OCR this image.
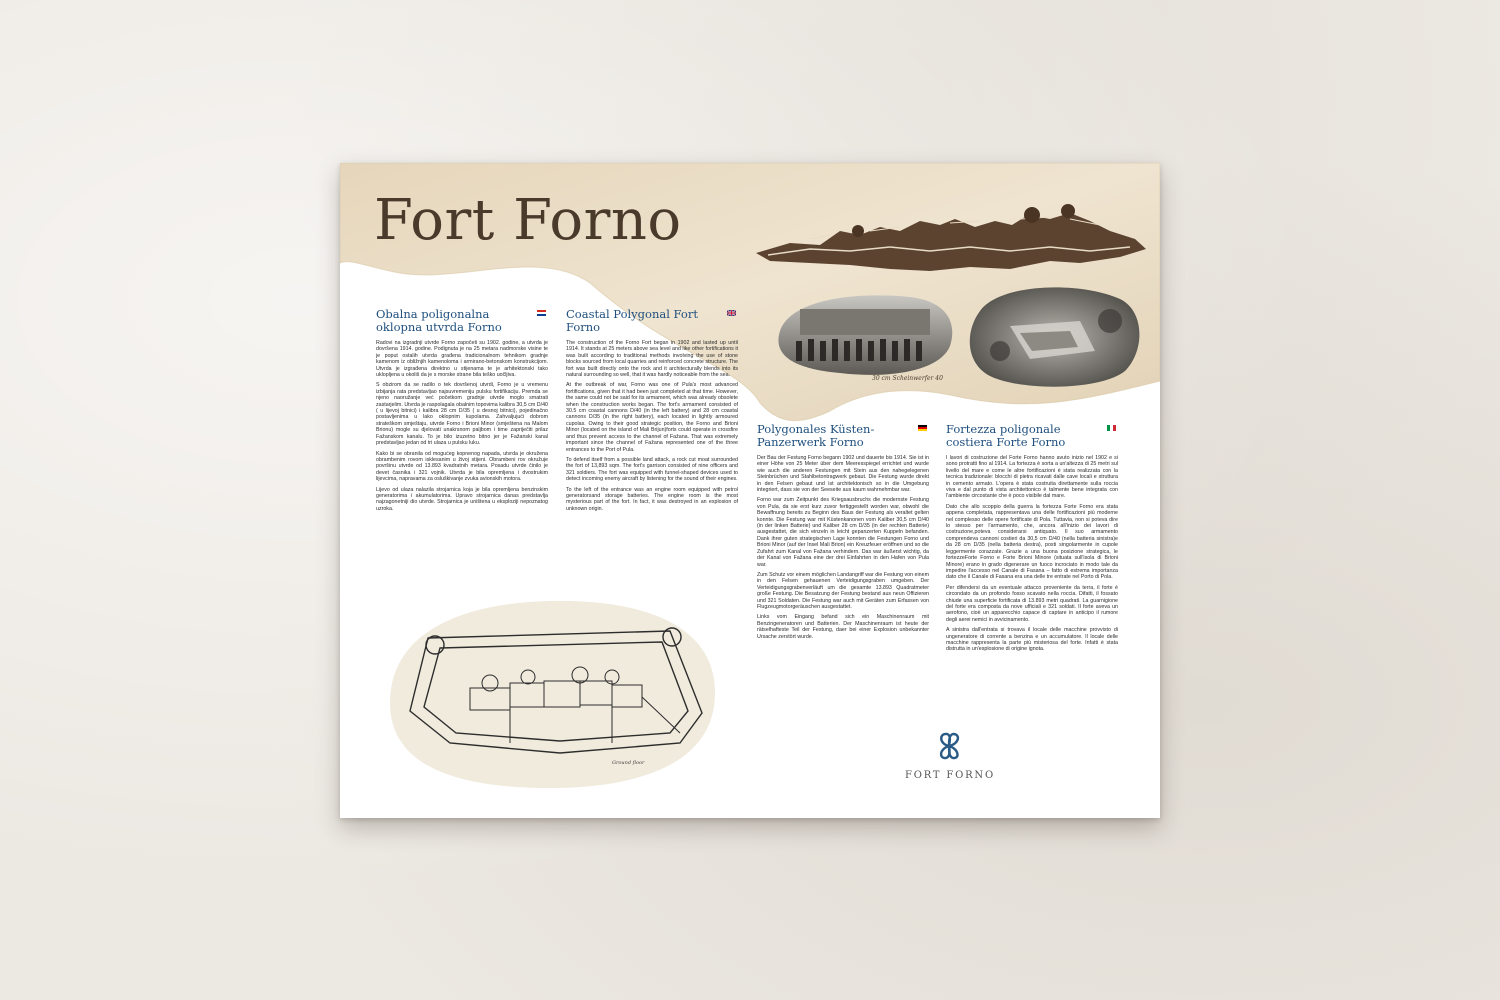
Fort Forno
30 cm Scheinwerfer 40
Obalna poligonalna oklopna utvrda Forno

Radovi na izgradnji utvrde Forno započeti su 1902. godine, a utvrda je dovršena 1914. godine. Podignuta je na 25 metara nadmorske visine te je poput ostalih utvrda građena tradicionalnom tehnikom gradnje kamenom iz obližnjih kamenoloma i armirano-betonskom konstrukcijom. Utvrda je izgrađena direktno u stijenama te je arhitektonski tako uklopljena u okoliš da je s morske strane bila teško uočljiva.

S obzirom da se radilo o tek dovršenoj utvrdi, Forno je u vremenu izbijanja rata predstavljao najsuvremeniju pulsku fortifikaciju. Premda se njeno naoružanje već početkom gradnje utvrde moglo smatrati zastarjelim. Utvrda je raspolagala obalnim topovima kalibra 30,5 cm D/40 ( u lijevoj bitnici) i kalibra 28 cm D/35 ( u desnoj bitnici), pojedinačno postavljenima u lako oklopnim kupolama. Zahvaljujući dobrom strateškom smještaju, utvrde Forno i Brioni Minor (smještena na Malom Brionu) mogle su djelovati unakrsnom paljbom i time zapriječiti prilaz Fažanskom kanalu. To je bilo izuzetno bitno jer je Fažanski kanal predstavljao jedan od tri ulaza u pulsku luku.

Kako bi se obranila od mogućeg kopnenog napada, utvrda je okružena obrambenim rovom isklesanim u živoj stijeni. Obrambeni rov okružuje površinu utvrde od 13.893 kvadratnih metara. Posadu utvrde činilo je devet časnika i 321 vojnik. Utvrda je bila opremljena i dvostrukim lijevcima, napravama za osluškivanje zvuka avionskih motora.

Lijevo od ulaza nalazila strojarnica koja je bila opremljena benzinskim generatorima i akumulatorima. Upravo strojarnica danas predstavlja najzagonetniji dio utvrde. Strojarnica je uništena u eksploziji nepoznatog uzroka.

Coastal Polygonal Fort Forno

The construction of the Forno Fort began in 1902 and lasted up until 1914. It stands at 25 meters above sea level and like other fortifications it was built according to traditional methods involving the use of stone blocks sourced from local quarries and reinforced concrete structure. The fort was built directly onto the rock and it architecturally blends into its natural surrounding so well, that it was hardly noticeable from the sea.

At the outbreak of war, Forno was one of Pula's most advanced fortifications, given that it had been just completed at that time. However, the same could not be said for its armament, which was already obsolete when the construction works began. The fort's armament consisted of 30.5 cm coastal cannons D/40 (in the left battery) and 28 cm coastal cannons D/35 (in the right battery), each located in lightly armoured cupolas. Owing to their good strategic position, the Forno and Brioni Minor (located on the island of Mali Brijun)forts could operate in crossfire and thus prevent access to the channel of Fažana. That was extremely important since the channel of Fažana represented one of the three entrances to the Port of Pula.

To defend itself from a possible land attack, a rock cut moat surrounded the fort of 13,893 sqm. The fort's garrison consisted of nine officers and 321 soldiers. The fort was equipped with funnel-shaped devices used to detect incoming enemy aircraft by listening for the sound of their engines.

To the left of the entrance was an engine room equipped with petrol generatorsand storage batteries. The engine room is the most mysterious part of the fort. In fact, it was destroyed in an explosion of unknown origin.

Polygonales Küsten-Panzerwerk Forno

Der Bau der Festung Forno begann 1902 und dauerte bis 1914. Sie ist in einer Höhe von 25 Meter über dem Meeresspiegel errichtet und wurde wie auch die anderen Festungen mit Stein aus den nahegelegenen Steinbrüchen und Stahlbetontragwerk gebaut. Die Festung wurde direkt in den Felsen gebaut und ist architektonisch so in die Umgebung integriert, dass sie von der Seeseite aus kaum wahrnehmbar war.

Forno war zum Zeitpunkt des Kriegsausbruchs die modernste Festung von Pula, da sie erst kurz zuvor fertiggestellt worden war, obwohl die Bewaffnung bereits zu Beginn des Baus der Festung als veraltet gelten konnte. Die Festung war mit Küstenkanonen vom Kaliber 30,5 cm D/40 (in der linken Batterie) und Kaliber 28 cm D/35 (in der rechten Batterie) ausgestattet, die sich einzeln in leicht gepanzerten Kuppeln befanden. Dank ihrer guten strategischen Lage konnten die Festungen Forno und Brioni Minor (auf der Insel Mali Brion) ein Kreuzfeuer eröffnen und so die Zufahrt zum Kanal von Fažana verhindern. Das war äußerst wichtig, da der Kanal von Fažana eine der drei Einfahrten in den Hafen von Pula war.

Zum Schutz vor einem möglichen Landangriff war die Festung von einem in den Felsen gehauenen Verteidigungsgraben umgeben. Der Verteidigungsgrabenverläuft um die gesamte 13.893 Quadratmeter große Festung. Die Besatzung der Festung bestand aus neun Offizieren und 321 Soldaten. Die Festung war auch mit Geräten zum Erfassen von Flugzeugmotorgeräuschen ausgestattet.

Links vom Eingang befand sich ein Maschinenraum mit Benzingeneratoren und Batterien. Der Maschinenraum ist heute der rätselhafteste Teil der Festung, daer bei einer Explosion unbekannter Ursache zerstört wurde.

Fortezza poligonale costiera Forte Forno

I lavori di costruzione del Forte Forno hanno avuto inizio nel 1902 e si sono protratti fino al 1914. La fortezza è sorta a un'altezza di 25 metri sul livello del mare e come le altre fortificazioni è stata realizzata con la tecnica tradizionale: blocchi di pietra ricavati dalle cave locali e struttura in cemento armato. L'opera è stata costruita direttamente sulla roccia viva e dal punto di vista architettonico è talmente bene integrata con l'ambiente circostante che è poco visibile dal mare.

Dato che allo scoppio della guerra la fortezza Forte Forno era stata appena completata, rappresentava una delle fortificazioni più moderne nel complesso delle opere fortificate di Pola. Tuttavia, non si poteva dire lo stesso per l'armamento, che, ancora all'inizio dei lavori di costruzione,poteva considerarsi antiquato. Il suo armamento comprendeva cannoni costieri da 30,5 cm D/40 (nella batteria sinistra)e da 28 cm D/35 (nella batteria destra), posti singolarmente in cupole leggermente corazzate. Grazie a una buona posizione strategica, le fortezzeForte Forno e Forte Brioni Minore (situata sull'isola di Brioni Minore) erano in grado digenerare un fuoco incrociato in modo tale da impedire l'accesso nel Canale di Fasana – fatto di estrema importanza dato che il Canale di Fasana era una delle tre entrate nel Porto di Pola.

Per difendersi da un eventuale attacco proveniente da terra, il forte è circondato da un profondo fosso scavato nella roccia. Difatti, il fossato chiude una superficie fortificata di 13.893 metri quadrati. La guarnigione del forte era composta da nove ufficiali e 321 soldati. Il forte aveva un aerofono, cioè un apparecchio capace di captare in anticipo il rumore degli aerei nemici in avvicinamento.

A sinistra dall'entrata si trovava il locale delle macchine provvisto di ungeneratore di corrente a benzina e un accumulatore. Il locale delle macchine rappresenta la parte più misteriosa del forte. Infatti è stata distrutta in un'esplosione di origine ignota.

Ground floor
FORT FORNO
